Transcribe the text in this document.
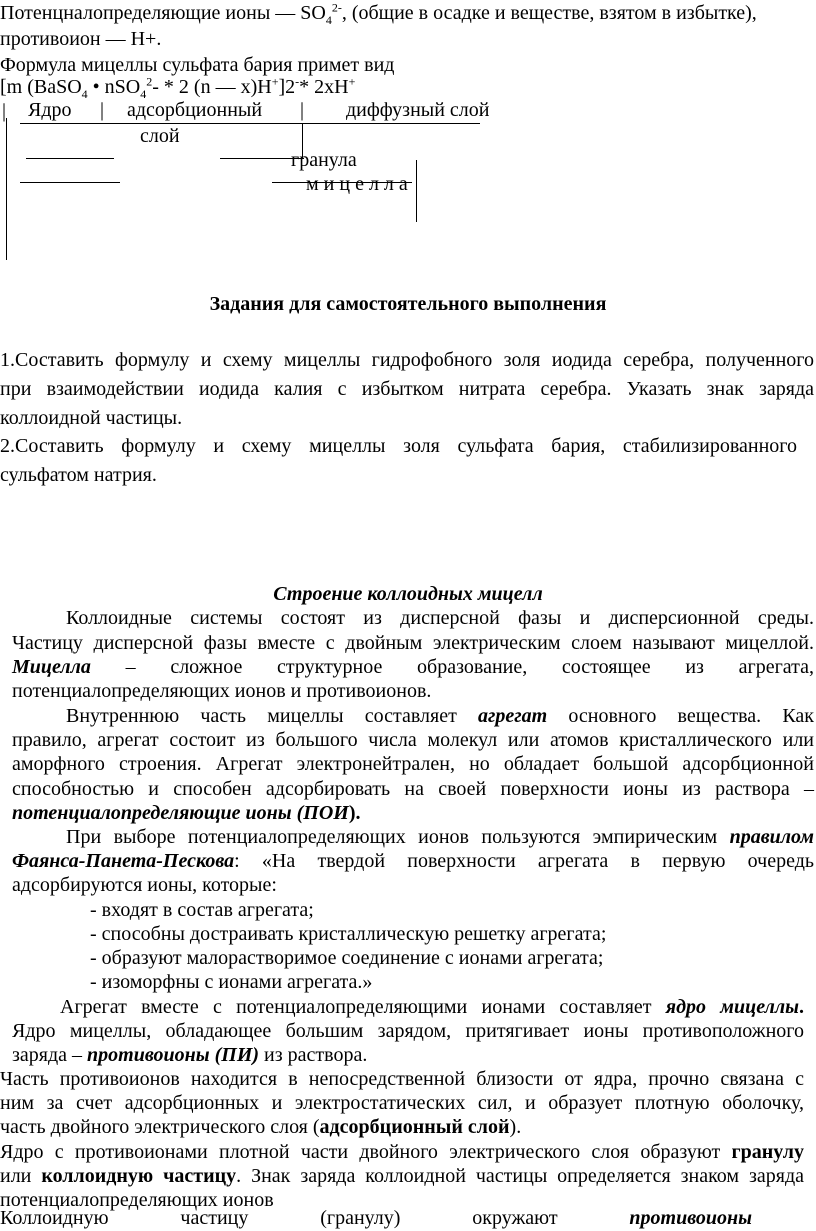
Потенцналопределяющие ионы — $SO_4^{2-}$, (общие в осадке и веществе, взятом в избытке),
противоион — H+.
Формула мицеллы сульфата бария примет вид
[m (BaSO$_4$ • nSO$_4^2$- * 2 (n — x)H+]2-* 2xH+
| Ядро | адсорбционный | диффузный слой
слой
гранула
м и ц е л л а
Задания для самостоятельного выполнения
1.Составить формулу и схему мицеллы гидрофобного золя иодида серебра, полученного
при взаимодействии иодида калия с избытком нитрата серебра. Указать знак заряда
коллоидной частицы.
2.Составить формулу и схему мицеллы золя сульфата бария, стабилизированного
сульфатом натрия.
Строение коллоидных мицелл
Коллоидные системы состоят из дисперсной фазы и дисперсионной среды.
Частицу дисперсной фазы вместе с двойным электрическим слоем называют мицеллой.
Мицелла – сложное структурное образование, состоящее из агрегата,
потенциалопределяющих ионов и противоионов.
Внутреннюю часть мицеллы составляет агрегат основного вещества. Как
правило, агрегат состоит из большого числа молекул или атомов кристаллического или
аморфного строения. Агрегат электронейтрален, но обладает большой адсорбционной
способностью и способен адсорбировать на своей поверхности ионы из раствора –
потенциалопределяющие ионы (ПОИ).
При выборе потенциалопределяющих ионов пользуются эмпирическим правилом
Фаянса-Панета-Пескова: «На твердой поверхности агрегата в первую очередь
адсорбируются ионы, которые:
- входят в состав агрегата;
- способны достраивать кристаллическую решетку агрегата;
- образуют малорастворимое соединение с ионами агрегата;
- изоморфны с ионами агрегата.»
Агрегат вместе с потенциалопределяющими ионами составляет ядро мицеллы.
Ядро мицеллы, обладающее большим зарядом, притягивает ионы противоположного
заряда – противоионы (ПИ) из раствора.
Часть противоионов находится в непосредственной близости от ядра, прочно связана с
ним за счет адсорбционных и электростатических сил, и образует плотную оболочку,
часть двойного электрического слоя (адсорбционный слой).
Ядро с противоионами плотной части двойного электрического слоя образуют гранулу
или коллоидную частицу. Знак заряда коллоидной частицы определяется знаком заряда
потенциалопределяющих ионов
Коллоидную частицу (гранулу) окружают противоионы
